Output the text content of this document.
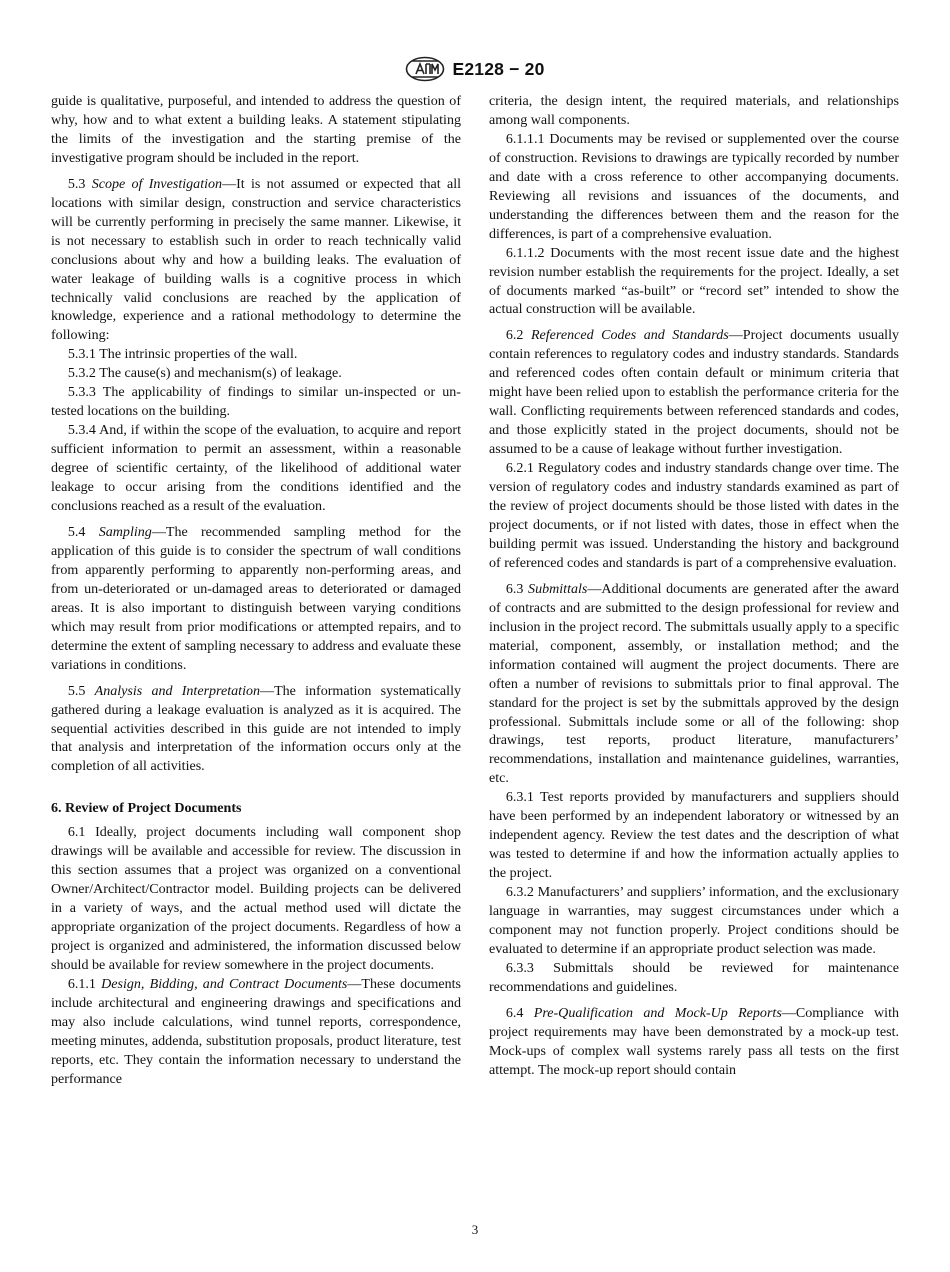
E2128 − 20

guide is qualitative, purposeful, and intended to address the question of why, how and to what extent a building leaks. A statement stipulating the limits of the investigation and the starting premise of the investigative program should be included in the report.

5.3 Scope of Investigation—It is not assumed or expected that all locations with similar design, construction and service characteristics will be currently performing in precisely the same manner. Likewise, it is not necessary to establish such in order to reach technically valid conclusions about why and how a building leaks. The evaluation of water leakage of building walls is a cognitive process in which technically valid conclusions are reached by the application of knowledge, experience and a rational methodology to determine the following:

5.3.1 The intrinsic properties of the wall.

5.3.2 The cause(s) and mechanism(s) of leakage.

5.3.3 The applicability of findings to similar un-inspected or un-tested locations on the building.

5.3.4 And, if within the scope of the evaluation, to acquire and report sufficient information to permit an assessment, within a reasonable degree of scientific certainty, of the likelihood of additional water leakage to occur arising from the conditions identified and the conclusions reached as a result of the evaluation.

5.4 Sampling—The recommended sampling method for the application of this guide is to consider the spectrum of wall conditions from apparently performing to apparently non-performing areas, and from un-deteriorated or un-damaged areas to deteriorated or damaged areas. It is also important to distinguish between varying conditions which may result from prior modifications or attempted repairs, and to determine the extent of sampling necessary to address and evaluate these variations in conditions.

5.5 Analysis and Interpretation—The information systematically gathered during a leakage evaluation is analyzed as it is acquired. The sequential activities described in this guide are not intended to imply that analysis and interpretation of the information occurs only at the completion of all activities.

6. Review of Project Documents

6.1 Ideally, project documents including wall component shop drawings will be available and accessible for review. The discussion in this section assumes that a project was organized on a conventional Owner/Architect/Contractor model. Building projects can be delivered in a variety of ways, and the actual method used will dictate the appropriate organization of the project documents. Regardless of how a project is organized and administered, the information discussed below should be available for review somewhere in the project documents.

6.1.1 Design, Bidding, and Contract Documents—These documents include architectural and engineering drawings and specifications and may also include calculations, wind tunnel reports, correspondence, meeting minutes, addenda, substitution proposals, product literature, test reports, etc. They contain the information necessary to understand the performance

criteria, the design intent, the required materials, and relationships among wall components.

6.1.1.1 Documents may be revised or supplemented over the course of construction. Revisions to drawings are typically recorded by number and date with a cross reference to other accompanying documents. Reviewing all revisions and issuances of the documents, and understanding the differences between them and the reason for the differences, is part of a comprehensive evaluation.

6.1.1.2 Documents with the most recent issue date and the highest revision number establish the requirements for the project. Ideally, a set of documents marked “as-built” or “record set” intended to show the actual construction will be available.

6.2 Referenced Codes and Standards—Project documents usually contain references to regulatory codes and industry standards. Standards and referenced codes often contain default or minimum criteria that might have been relied upon to establish the performance criteria for the wall. Conflicting requirements between referenced standards and codes, and those explicitly stated in the project documents, should not be assumed to be a cause of leakage without further investigation.

6.2.1 Regulatory codes and industry standards change over time. The version of regulatory codes and industry standards examined as part of the review of project documents should be those listed with dates in the project documents, or if not listed with dates, those in effect when the building permit was issued. Understanding the history and background of referenced codes and standards is part of a comprehensive evaluation.

6.3 Submittals—Additional documents are generated after the award of contracts and are submitted to the design professional for review and inclusion in the project record. The submittals usually apply to a specific material, component, assembly, or installation method; and the information contained will augment the project documents. There are often a number of revisions to submittals prior to final approval. The standard for the project is set by the submittals approved by the design professional. Submittals include some or all of the following: shop drawings, test reports, product literature, manufacturers’ recommendations, installation and maintenance guidelines, warranties, etc.

6.3.1 Test reports provided by manufacturers and suppliers should have been performed by an independent laboratory or witnessed by an independent agency. Review the test dates and the description of what was tested to determine if and how the information actually applies to the project.

6.3.2 Manufacturers’ and suppliers’ information, and the exclusionary language in warranties, may suggest circumstances under which a component may not function properly. Project conditions should be evaluated to determine if an appropriate product selection was made.

6.3.3 Submittals should be reviewed for maintenance recommendations and guidelines.

6.4 Pre-Qualification and Mock-Up Reports—Compliance with project requirements may have been demonstrated by a mock-up test. Mock-ups of complex wall systems rarely pass all tests on the first attempt. The mock-up report should contain

3
